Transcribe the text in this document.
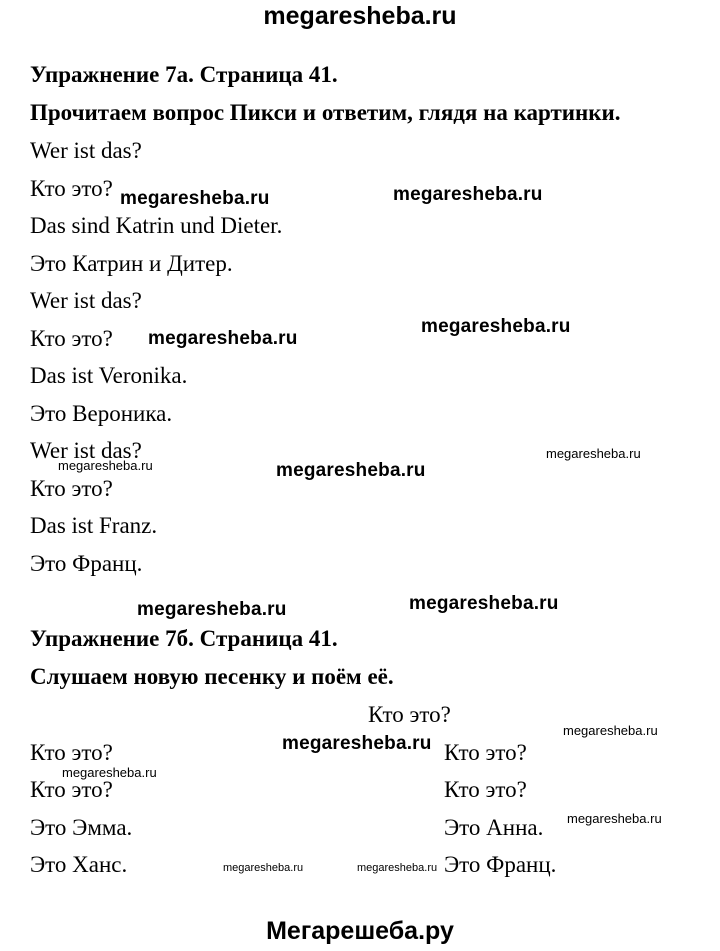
megaresheba.ru
Мегарешеба.ру
Упражнение 7а. Страница 41.
Прочитаем вопрос Пикси и ответим, глядя на картинки.
Wer ist das?
Кто это?
Das sind Katrin und Dieter.
Это Катрин и Дитер.
Wer ist das?
Кто это?
Das ist Veronika.
Это Вероника.
Wer ist das?
Кто это?
Das ist Franz.
Это Франц.
Упражнение 7б. Страница 41.
Слушаем новую песенку и поём её.
Кто это?
Кто это?
Кто это?
Это Эмма.
Это Ханс.
Кто это?
Кто это?
Это Анна.
Это Франц.
megaresheba.ru	megaresheba.ru
megaresheba.ru
megaresheba.ru
megaresheba.ru
megaresheba.ru	megaresheba.ru
megaresheba.ru
megaresheba.ru
megaresheba.ru
megaresheba.ru
megaresheba.ru
megaresheba.ru
megaresheba.ru	megaresheba.ru
